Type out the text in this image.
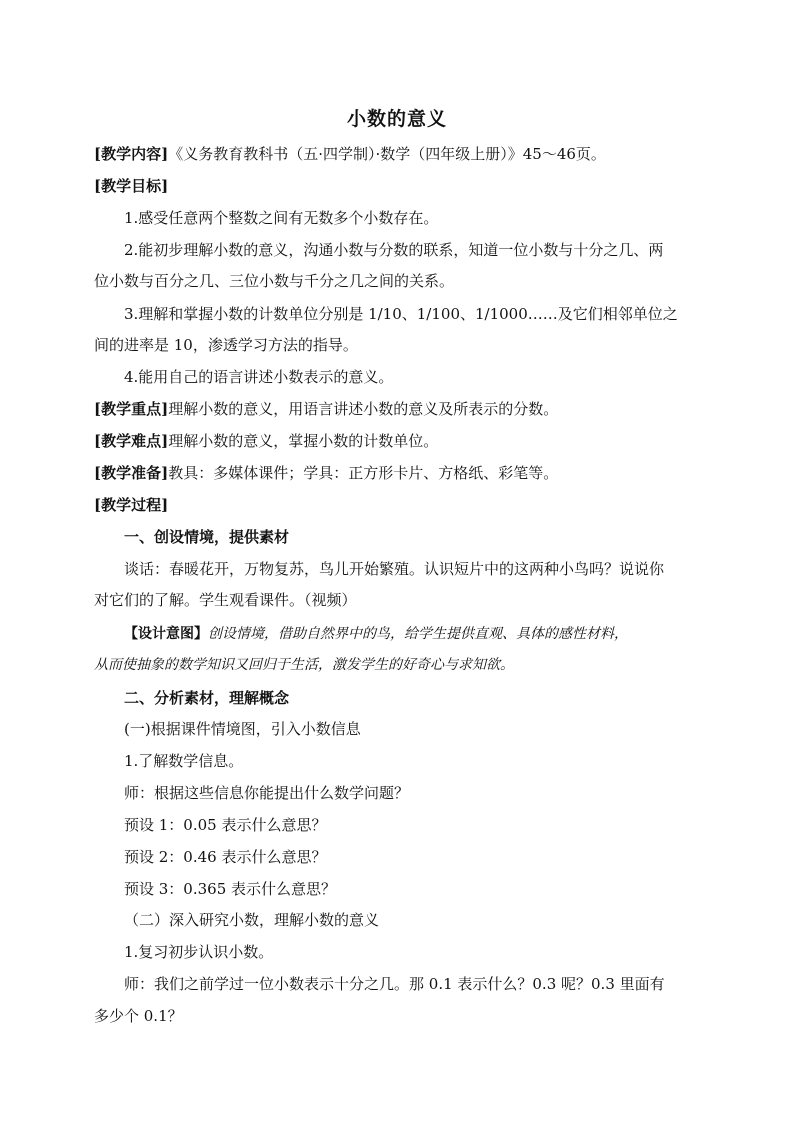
小数的意义
[教学内容]《义务教育教科书（五·四学制）·数学（四年级上册）》45～46页。
[教学目标]
1.感受任意两个整数之间有无数多个小数存在。
2.能初步理解小数的意义，沟通小数与分数的联系，知道一位小数与十分之几、两
位小数与百分之几、三位小数与千分之几之间的关系。
3.理解和掌握小数的计数单位分别是 1/10、1/100、1/1000……及它们相邻单位之
间的进率是 10，渗透学习方法的指导。
4.能用自己的语言讲述小数表示的意义。
[教学重点]理解小数的意义，用语言讲述小数的意义及所表示的分数。
[教学难点]理解小数的意义，掌握小数的计数单位。
[教学准备]教具：多媒体课件；学具：正方形卡片、方格纸、彩笔等。
[教学过程]
一、创设情境，提供素材
谈话：春暖花开，万物复苏，鸟儿开始繁殖。认识短片中的这两种小鸟吗？说说你
对它们的了解。学生观看课件。（视频）
【设计意图】创设情境，借助自然界中的鸟，给学生提供直观、具体的感性材料，
从而使抽象的数学知识又回归于生活，激发学生的好奇心与求知欲。
二、分析素材，理解概念
(一)根据课件情境图，引入小数信息
1.了解数学信息。
师：根据这些信息你能提出什么数学问题？
预设 1：0.05 表示什么意思？
预设 2：0.46 表示什么意思？
预设 3：0.365 表示什么意思？
（二）深入研究小数，理解小数的意义
1.复习初步认识小数。
师：我们之前学过一位小数表示十分之几。那 0.1 表示什么？0.3 呢？0.3 里面有
多少个 0.1？
